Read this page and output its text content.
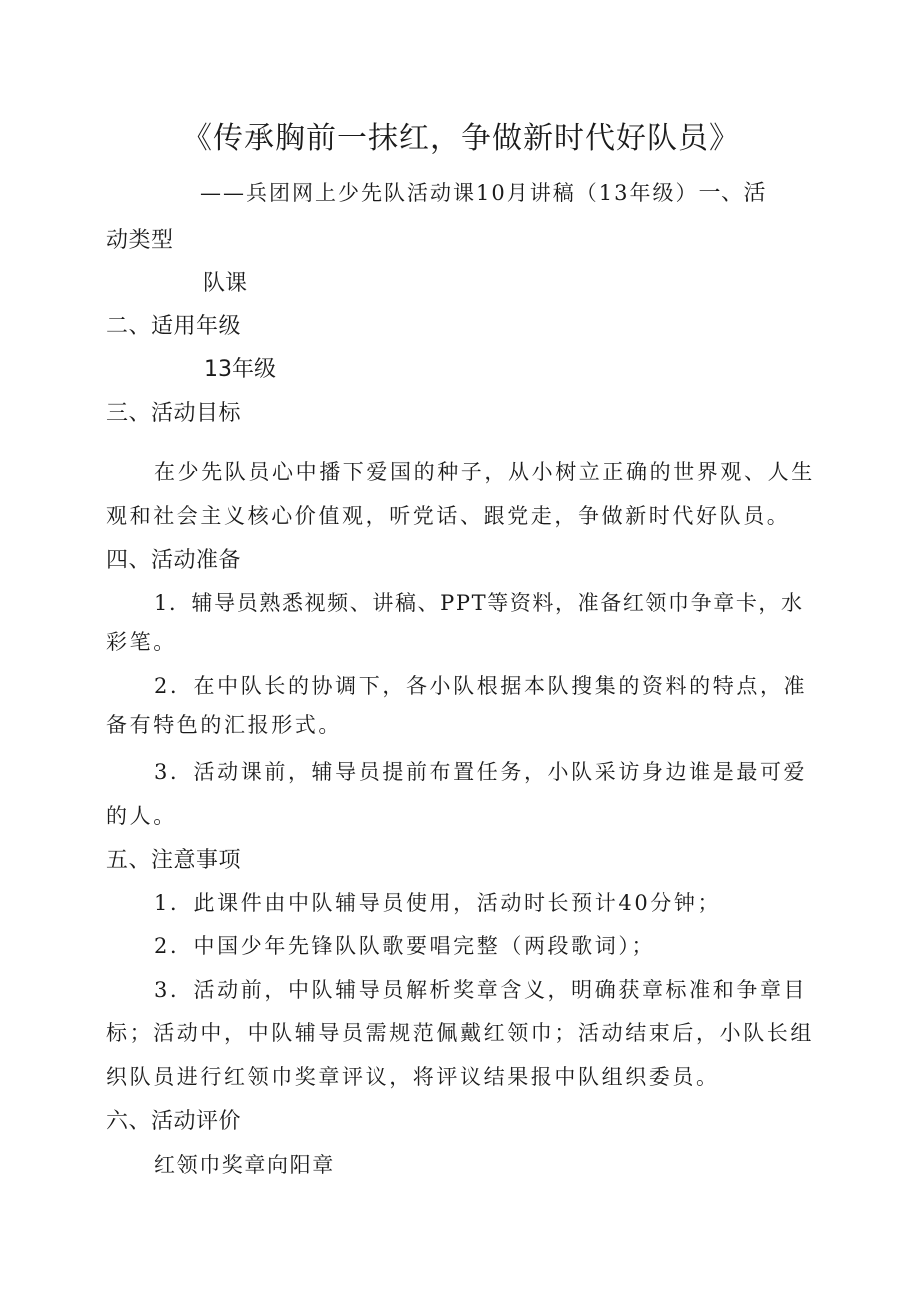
《传承胸前一抹红，争做新时代好队员》
——兵团网上少先队活动课10月讲稿（13年级）一、活
动类型
队课
二、适用年级
13年级
三、活动目标
在少先队员心中播下爱国的种子，从小树立正确的世界观、人生
观和社会主义核心价值观，听党话、跟党走，争做新时代好队员。
四、活动准备
1．辅导员熟悉视频、讲稿、PPT等资料，准备红领巾争章卡，水
彩笔。
2．在中队长的协调下，各小队根据本队搜集的资料的特点，准
备有特色的汇报形式。
3．活动课前，辅导员提前布置任务，小队采访身边谁是最可爱
的人。
五、注意事项
1．此课件由中队辅导员使用，活动时长预计40分钟；
2．中国少年先锋队队歌要唱完整（两段歌词）；
3．活动前，中队辅导员解析奖章含义，明确获章标准和争章目
标；活动中，中队辅导员需规范佩戴红领巾；活动结束后，小队长组
织队员进行红领巾奖章评议，将评议结果报中队组织委员。
六、活动评价
红领巾奖章向阳章
